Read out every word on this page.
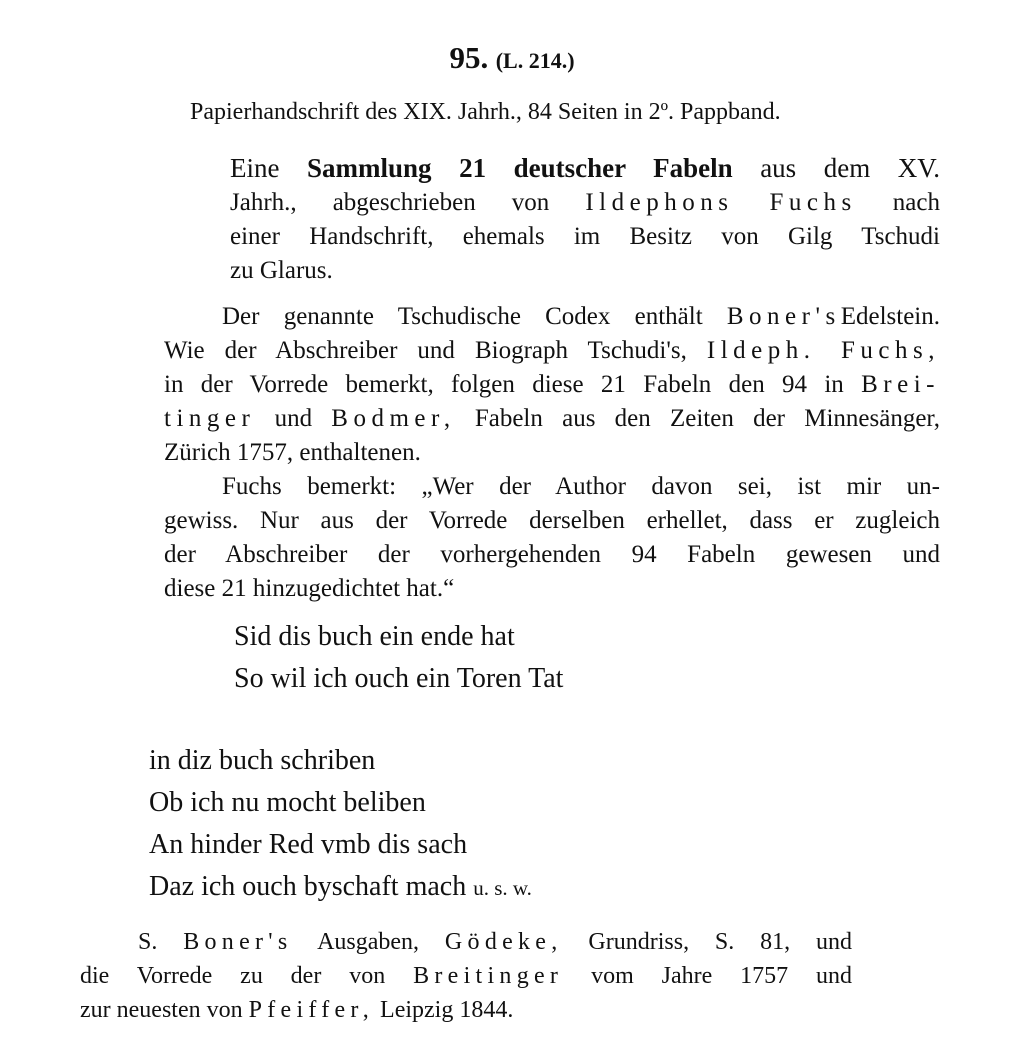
95. (L. 214.)
Papierhandschrift des XIX. Jahrh., 84 Seiten in 2º. Pappband.
Eine Sammlung 21 deutscher Fabeln aus dem XV.
Jahrh., abgeschrieben von Ildephons Fuchs nach
einer Handschrift, ehemals im Besitz von Gilg Tschudi
zu Glarus.
Der genannte Tschudische Codex enthält Boner'sEdelstein.
Wie der Abschreiber und Biograph Tschudi's, Ildeph. Fuchs,
in der Vorrede bemerkt, folgen diese 21 Fabeln den 94 in Brei-
tinger und Bodmer, Fabeln aus den Zeiten der Minnesänger,
Zürich 1757, enthaltenen.
Fuchs bemerkt: „Wer der Author davon sei, ist mir un-
gewiss. Nur aus der Vorrede derselben erhellet, dass er zugleich
der Abschreiber der vorhergehenden 94 Fabeln gewesen und
diese 21 hinzugedichtet hat.“
Sid dis buch ein ende hat
So wil ich ouch ein Toren Tat
in diz buch schriben
Ob ich nu mocht beliben
An hinder Red vmb dis sach
Daz ich ouch byschaft mach u. s. w.
S. Boner's Ausgaben, Gödeke, Grundriss, S. 81, und
die Vorrede zu der von Breitinger vom Jahre 1757 und
zur neuesten von Pfeiffer, Leipzig 1844.
